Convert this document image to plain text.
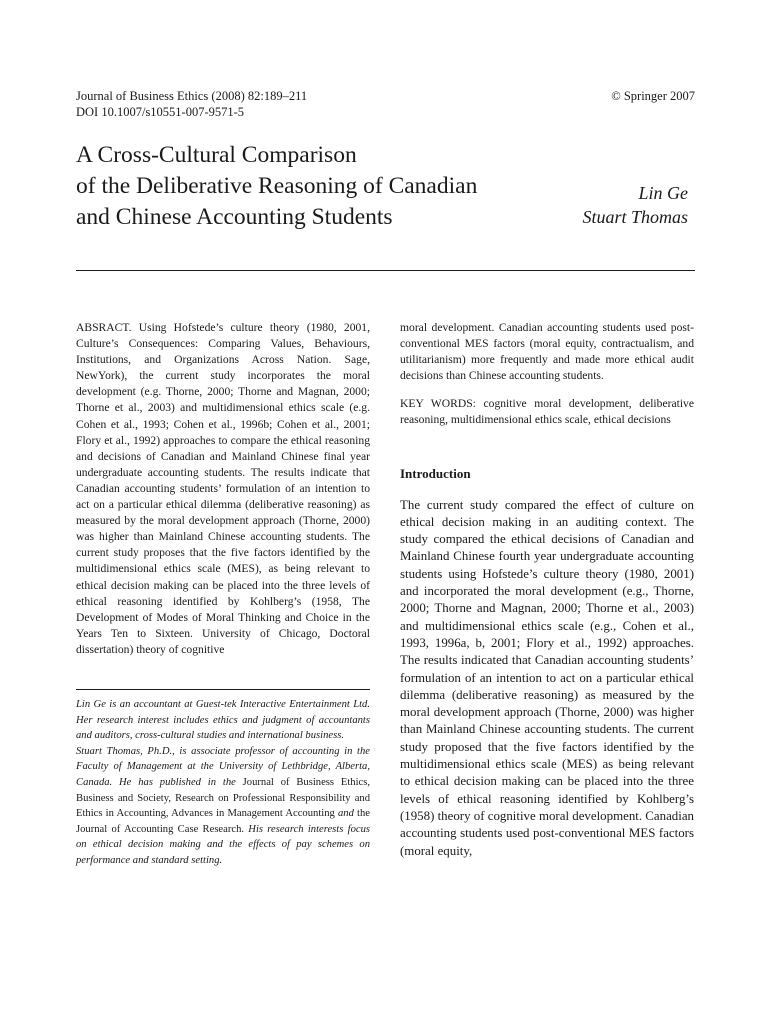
Journal of Business Ethics (2008) 82:189–211
DOI 10.1007/s10551-007-9571-5
© Springer 2007
A Cross-Cultural Comparison
of the Deliberative Reasoning of Canadian
and Chinese Accounting Students
Lin Ge
Stuart Thomas

ABSRACT. Using Hofstede’s culture theory (1980, 2001, Culture’s Consequences: Comparing Values, Behaviours, Institutions, and Organizations Across Nation. Sage, NewYork), the current study incorporates the moral development (e.g. Thorne, 2000; Thorne and Magnan, 2000; Thorne et al., 2003) and multidimensional ethics scale (e.g. Cohen et al., 1993; Cohen et al., 1996b; Cohen et al., 2001; Flory et al., 1992) approaches to compare the ethical reasoning and decisions of Canadian and Mainland Chinese final year undergraduate accounting students. The results indicate that Canadian accounting students’ formulation of an intention to act on a particular ethical dilemma (deliberative reasoning) as measured by the moral development approach (Thorne, 2000) was higher than Mainland Chinese accounting students. The current study proposes that the five factors identified by the multidimensional ethics scale (MES), as being relevant to ethical decision making can be placed into the three levels of ethical reasoning identified by Kohlberg’s (1958, The Development of Modes of Moral Thinking and Choice in the Years Ten to Sixteen. University of Chicago, Doctoral dissertation) theory of cognitive

Lin Ge is an accountant at Guest-tek Interactive Entertainment Ltd. Her research interest includes ethics and judgment of accountants and auditors, cross-cultural studies and international business.

Stuart Thomas, Ph.D., is associate professor of accounting in the Faculty of Management at the University of Lethbridge, Alberta, Canada. He has published in the Journal of Business Ethics, Business and Society, Research on Professional Responsibility and Ethics in Accounting, Advances in Management Accounting and the Journal of Accounting Case Research. His research interests focus on ethical decision making and the effects of pay schemes on performance and standard setting.

moral development. Canadian accounting students used post-conventional MES factors (moral equity, contractualism, and utilitarianism) more frequently and made more ethical audit decisions than Chinese accounting students.

KEY WORDS: cognitive moral development, deliberative reasoning, multidimensional ethics scale, ethical decisions

Introduction

The current study compared the effect of culture on ethical decision making in an auditing context. The study compared the ethical decisions of Canadian and Mainland Chinese fourth year undergraduate accounting students using Hofstede’s culture theory (1980, 2001) and incorporated the moral development (e.g., Thorne, 2000; Thorne and Magnan, 2000; Thorne et al., 2003) and multidimensional ethics scale (e.g., Cohen et al., 1993, 1996a, b, 2001; Flory et al., 1992) approaches. The results indicated that Canadian accounting students’ formulation of an intention to act on a particular ethical dilemma (deliberative reasoning) as measured by the moral development approach (Thorne, 2000) was higher than Mainland Chinese accounting students. The current study proposed that the five factors identified by the multidimensional ethics scale (MES) as being relevant to ethical decision making can be placed into the three levels of ethical reasoning identified by Kohlberg’s (1958) theory of cognitive moral development. Canadian accounting students used post-conventional MES factors (moral equity,
